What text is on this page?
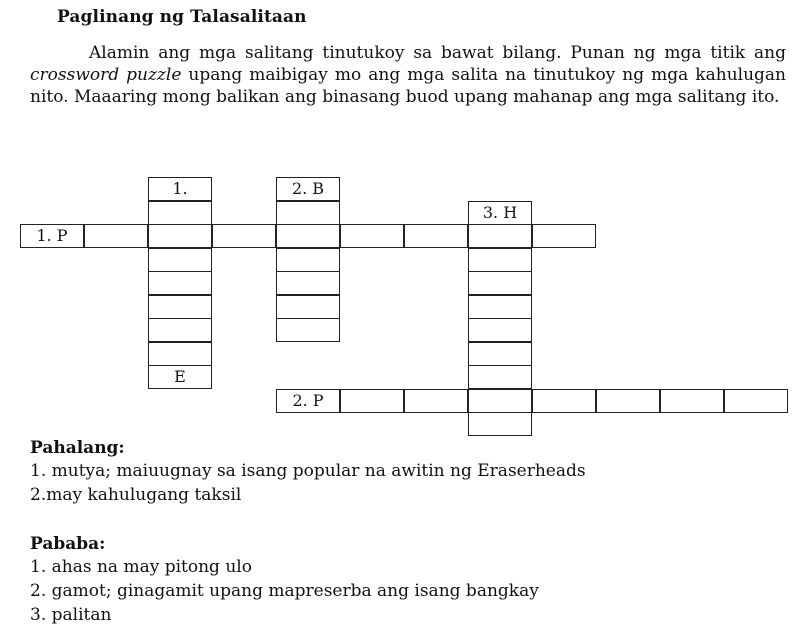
Paglinang ng Talasalitaan

Alamin ang mga salitang tinutukoy sa bawat bilang. Punan ng mga titik ang crossword puzzle upang maibigay mo ang mga salita na tinutukoy ng mga kahulugan nito. Maaaring mong balikan ang binasang buod upang mahanap ang mga salitang ito.

1. P
2. P
1.
E
2. B
3. H
Pahalang:
1. mutya; maiuugnay sa isang popular na awitin ng Eraserheads
2.may kahulugang taksil
Pababa:
1. ahas na may pitong ulo
2. gamot; ginagamit upang mapreserba ang isang bangkay
3. palitan
